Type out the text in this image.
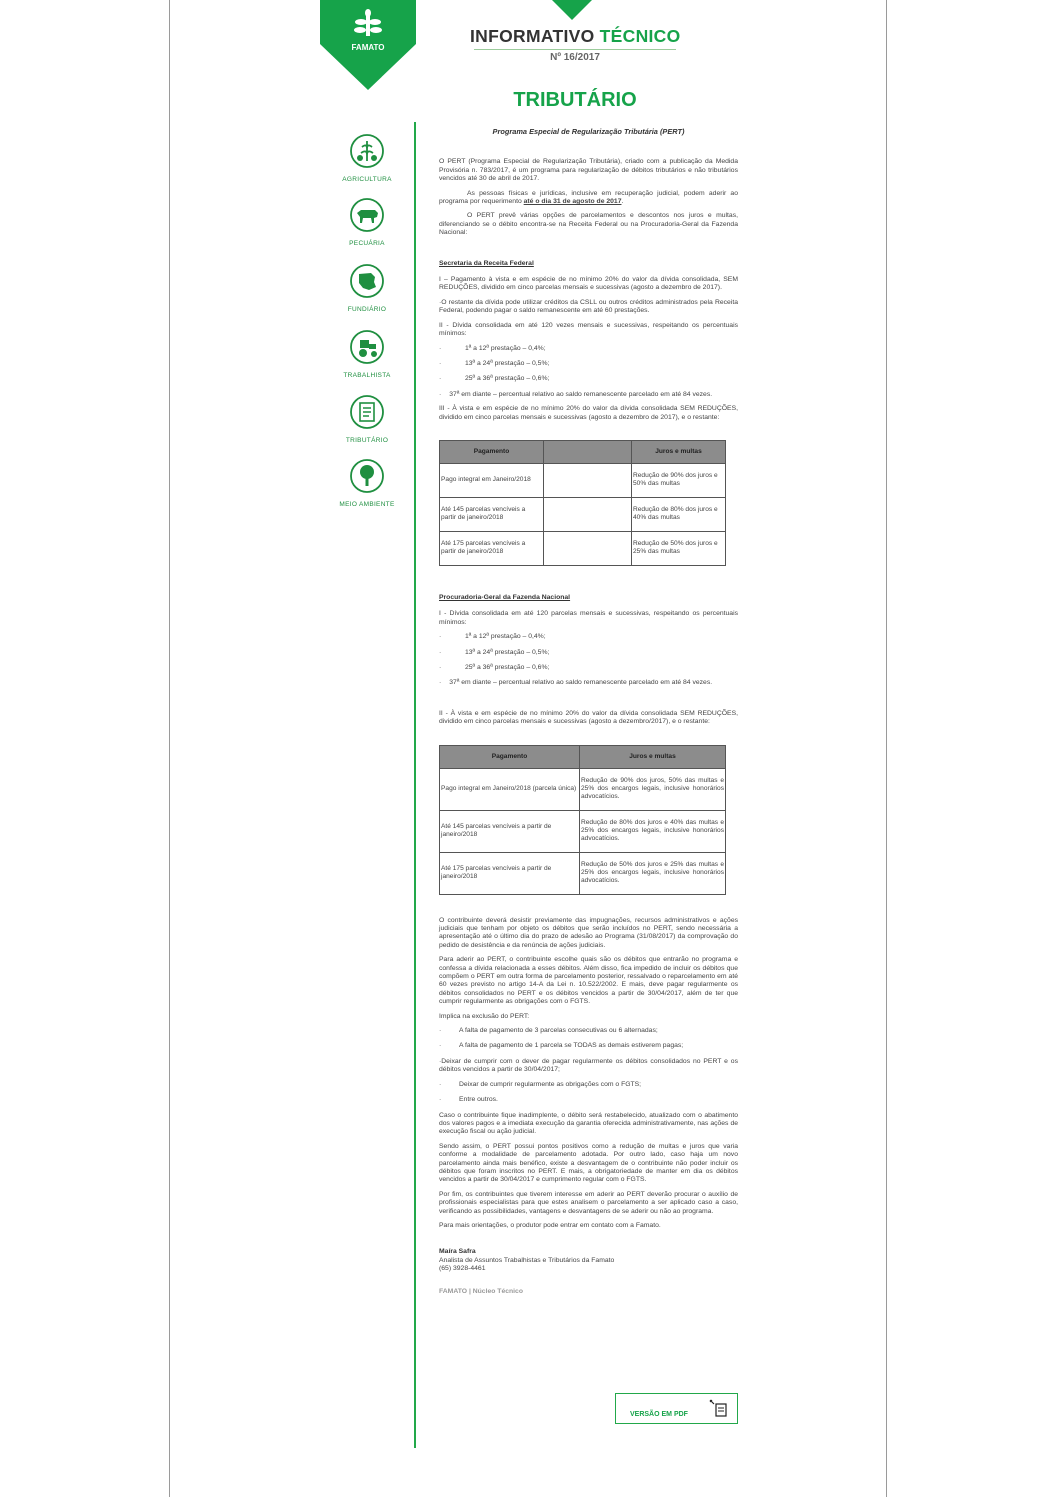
FAMATO
INFORMATIVO TÉCNICO
Nº 16/2017
TRIBUTÁRIO
AGRICULTURA
PECUÁRIA
FUNDIÁRIO
TRABALHISTA
TRIBUTÁRIO
MEIO AMBIENTE
Programa Especial de Regularização Tributária (PERT)

O PERT (Programa Especial de Regularização Tributária), criado com a publicação da Medida Provisória n. 783/2017, é um programa para regularização de débitos tributários e não tributários vencidos até 30 de abril de 2017.

As pessoas físicas e jurídicas, inclusive em recuperação judicial, podem aderir ao programa por requerimento até o dia 31 de agosto de 2017.

O PERT prevê várias opções de parcelamentos e descontos nos juros e multas, diferenciando se o débito encontra-se na Receita Federal ou na Procuradoria-Geral da Fazenda Nacional:

Secretaria da Receita Federal

I – Pagamento à vista e em espécie de no mínimo 20% do valor da dívida consolidada, SEM REDUÇÕES, dividido em cinco parcelas mensais e sucessivas (agosto a dezembro de 2017).

·O restante da dívida pode utilizar créditos da CSLL ou outros créditos administrados pela Receita Federal, podendo pagar o saldo remanescente em até 60 prestações.

II - Dívida consolidada em até 120 vezes mensais e sucessivas, respeitando os percentuais mínimos:

·	1ª a 12ª prestação – 0,4%;
·	13ª a 24ª prestação – 0,5%;
·	25ª a 36ª prestação – 0,6%;

· 37ª em diante – percentual relativo ao saldo remanescente parcelado em até 84 vezes.

III - À vista e em espécie de no mínimo 20% do valor da dívida consolidada SEM REDUÇÕES, dividido em cinco parcelas mensais e sucessivas (agosto a dezembro de 2017), e o restante:

Pagamento		Juros e multas
Pago integral em Janeiro/2018		Redução de 90% dos juros e 50% das multas
Até 145 parcelas vencíveis a partir de janeiro/2018		Redução de 80% dos juros e 40% das multas
Até 175 parcelas vencíveis a partir de janeiro/2018		Redução de 50% dos juros e 25% das multas
Procuradoria-Geral da Fazenda Nacional

I - Dívida consolidada em até 120 parcelas mensais e sucessivas, respeitando os percentuais mínimos:

·	1ª a 12ª prestação – 0,4%;
·	13ª a 24ª prestação – 0,5%;
·	25ª a 36ª prestação – 0,6%;

· 37ª em diante – percentual relativo ao saldo remanescente parcelado em até 84 vezes.

II - À vista e em espécie de no mínimo 20% do valor da dívida consolidada SEM REDUÇÕES, dividido em cinco parcelas mensais e sucessivas (agosto a dezembro/2017), e o restante:

Pagamento	Juros e multas
Pago integral em Janeiro/2018 (parcela única)	Redução de 90% dos juros, 50% das multas e 25% dos encargos legais, inclusive honorários advocatícios.
Até 145 parcelas vencíveis a partir de janeiro/2018	Redução de 80% dos juros e 40% das multas e 25% dos encargos legais, inclusive honorários advocatícios.
Até 175 parcelas vencíveis a partir de janeiro/2018	Redução de 50% dos juros e 25% das multas e 25% dos encargos legais, inclusive honorários advocatícios.

O contribuinte deverá desistir previamente das impugnações, recursos administrativos e ações judiciais que tenham por objeto os débitos que serão incluídos no PERT, sendo necessária a apresentação até o último dia do prazo de adesão ao Programa (31/08/2017) da comprovação do pedido de desistência e da renúncia de ações judiciais.

Para aderir ao PERT, o contribuinte escolhe quais são os débitos que entrarão no programa e confessa a dívida relacionada a esses débitos. Além disso, fica impedido de incluir os débitos que compõem o PERT em outra forma de parcelamento posterior, ressalvado o reparcelamento em até 60 vezes previsto no artigo 14-A da Lei n. 10.522/2002. E mais, deve pagar regularmente os débitos consolidados no PERT e os débitos vencidos a partir de 30/04/2017, além de ter que cumprir regularmente as obrigações com o FGTS.

Implica na exclusão do PERT:

·	A falta de pagamento de 3 parcelas consecutivas ou 6 alternadas;
·	A falta de pagamento de 1 parcela se TODAS as demais estiverem pagas;

·Deixar de cumprir com o dever de pagar regularmente os débitos consolidados no PERT e os débitos vencidos a partir de 30/04/2017;

·	Deixar de cumprir regularmente as obrigações com o FGTS;
·	Entre outros.

Caso o contribuinte fique inadimplente, o débito será restabelecido, atualizado com o abatimento dos valores pagos e a imediata execução da garantia oferecida administrativamente, nas ações de execução fiscal ou ação judicial.

Sendo assim, o PERT possui pontos positivos como a redução de multas e juros que varia conforme a modalidade de parcelamento adotada. Por outro lado, caso haja um novo parcelamento ainda mais benéfico, existe a desvantagem de o contribuinte não poder incluir os débitos que foram inscritos no PERT. E mais, a obrigatoriedade de manter em dia os débitos vencidos a partir de 30/04/2017 e cumprimento regular com o FGTS.

Por fim, os contribuintes que tiverem interesse em aderir ao PERT deverão procurar o auxílio de profissionais especialistas para que estes analisem o parcelamento a ser aplicado caso a caso, verificando as possibilidades, vantagens e desvantagens de se aderir ou não ao programa.

Para mais orientações, o produtor pode entrar em contato com a Famato.

Maíra Safra
Analista de Assuntos Trabalhistas e Tributários da Famato
(65) 3928-4461
FAMATO | Núcleo Técnico
VERSÃO EM PDF
